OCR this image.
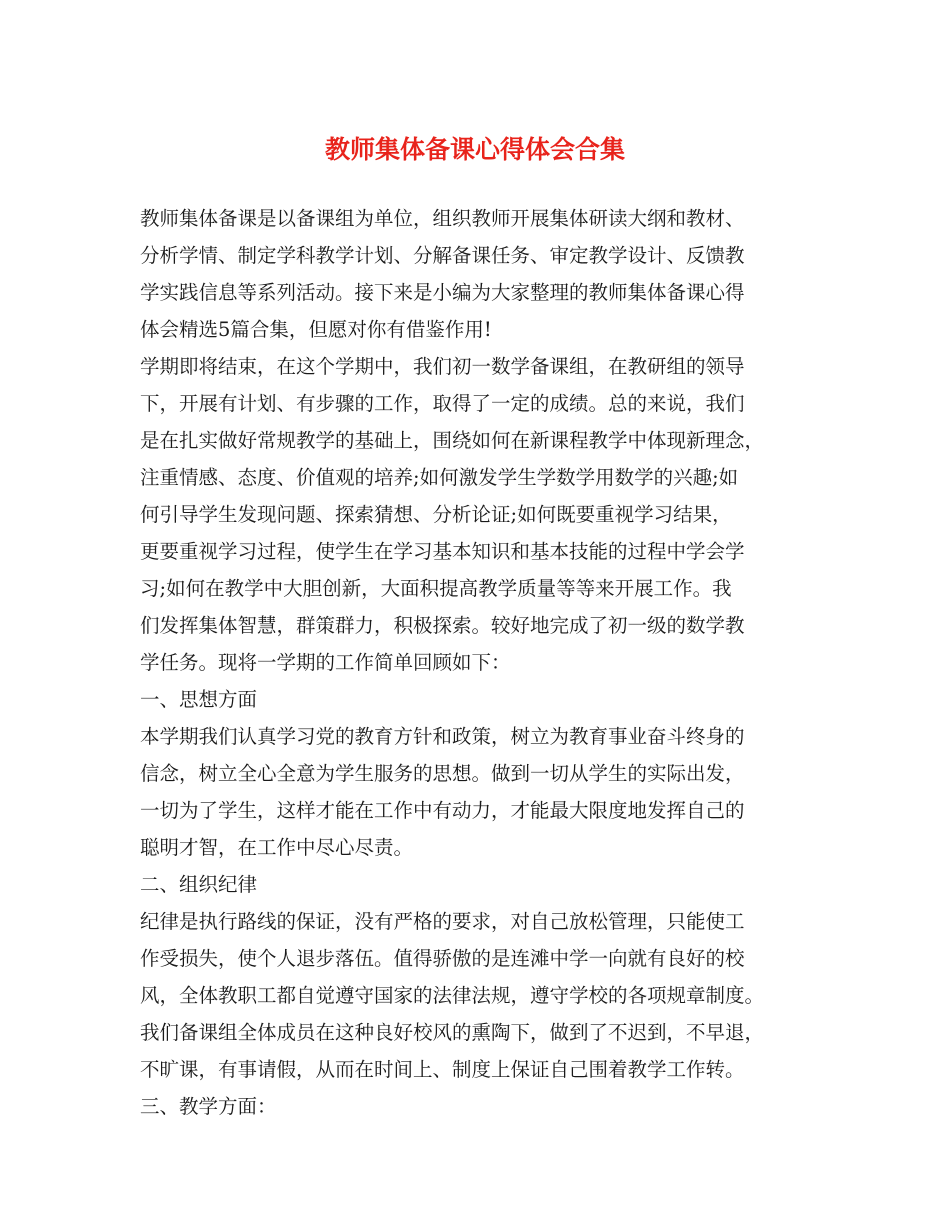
教师集体备课心得体会合集
教师集体备课是以备课组为单位，组织教师开展集体研读大纲和教材、
分析学情、制定学科教学计划、分解备课任务、审定教学设计、反馈教
学实践信息等系列活动。接下来是小编为大家整理的教师集体备课心得
体会精选5篇合集，但愿对你有借鉴作用!
学期即将结束，在这个学期中，我们初一数学备课组，在教研组的领导
下，开展有计划、有步骤的工作，取得了一定的成绩。总的来说，我们
是在扎实做好常规教学的基础上，围绕如何在新课程教学中体现新理念，
注重情感、态度、价值观的培养;如何激发学生学数学用数学的兴趣;如
何引导学生发现问题、探索猜想、分析论证;如何既要重视学习结果，
更要重视学习过程，使学生在学习基本知识和基本技能的过程中学会学
习;如何在教学中大胆创新，大面积提高教学质量等等来开展工作。我
们发挥集体智慧，群策群力，积极探索。较好地完成了初一级的数学教
学任务。现将一学期的工作简单回顾如下：
一、思想方面
本学期我们认真学习党的教育方针和政策，树立为教育事业奋斗终身的
信念，树立全心全意为学生服务的思想。做到一切从学生的实际出发，
一切为了学生，这样才能在工作中有动力，才能最大限度地发挥自己的
聪明才智，在工作中尽心尽责。
二、组织纪律
纪律是执行路线的保证，没有严格的要求，对自己放松管理，只能使工
作受损失，使个人退步落伍。值得骄傲的是连滩中学一向就有良好的校
风，全体教职工都自觉遵守国家的法律法规，遵守学校的各项规章制度。
我们备课组全体成员在这种良好校风的熏陶下，做到了不迟到，不早退，
不旷课，有事请假，从而在时间上、制度上保证自己围着教学工作转。
三、教学方面：
